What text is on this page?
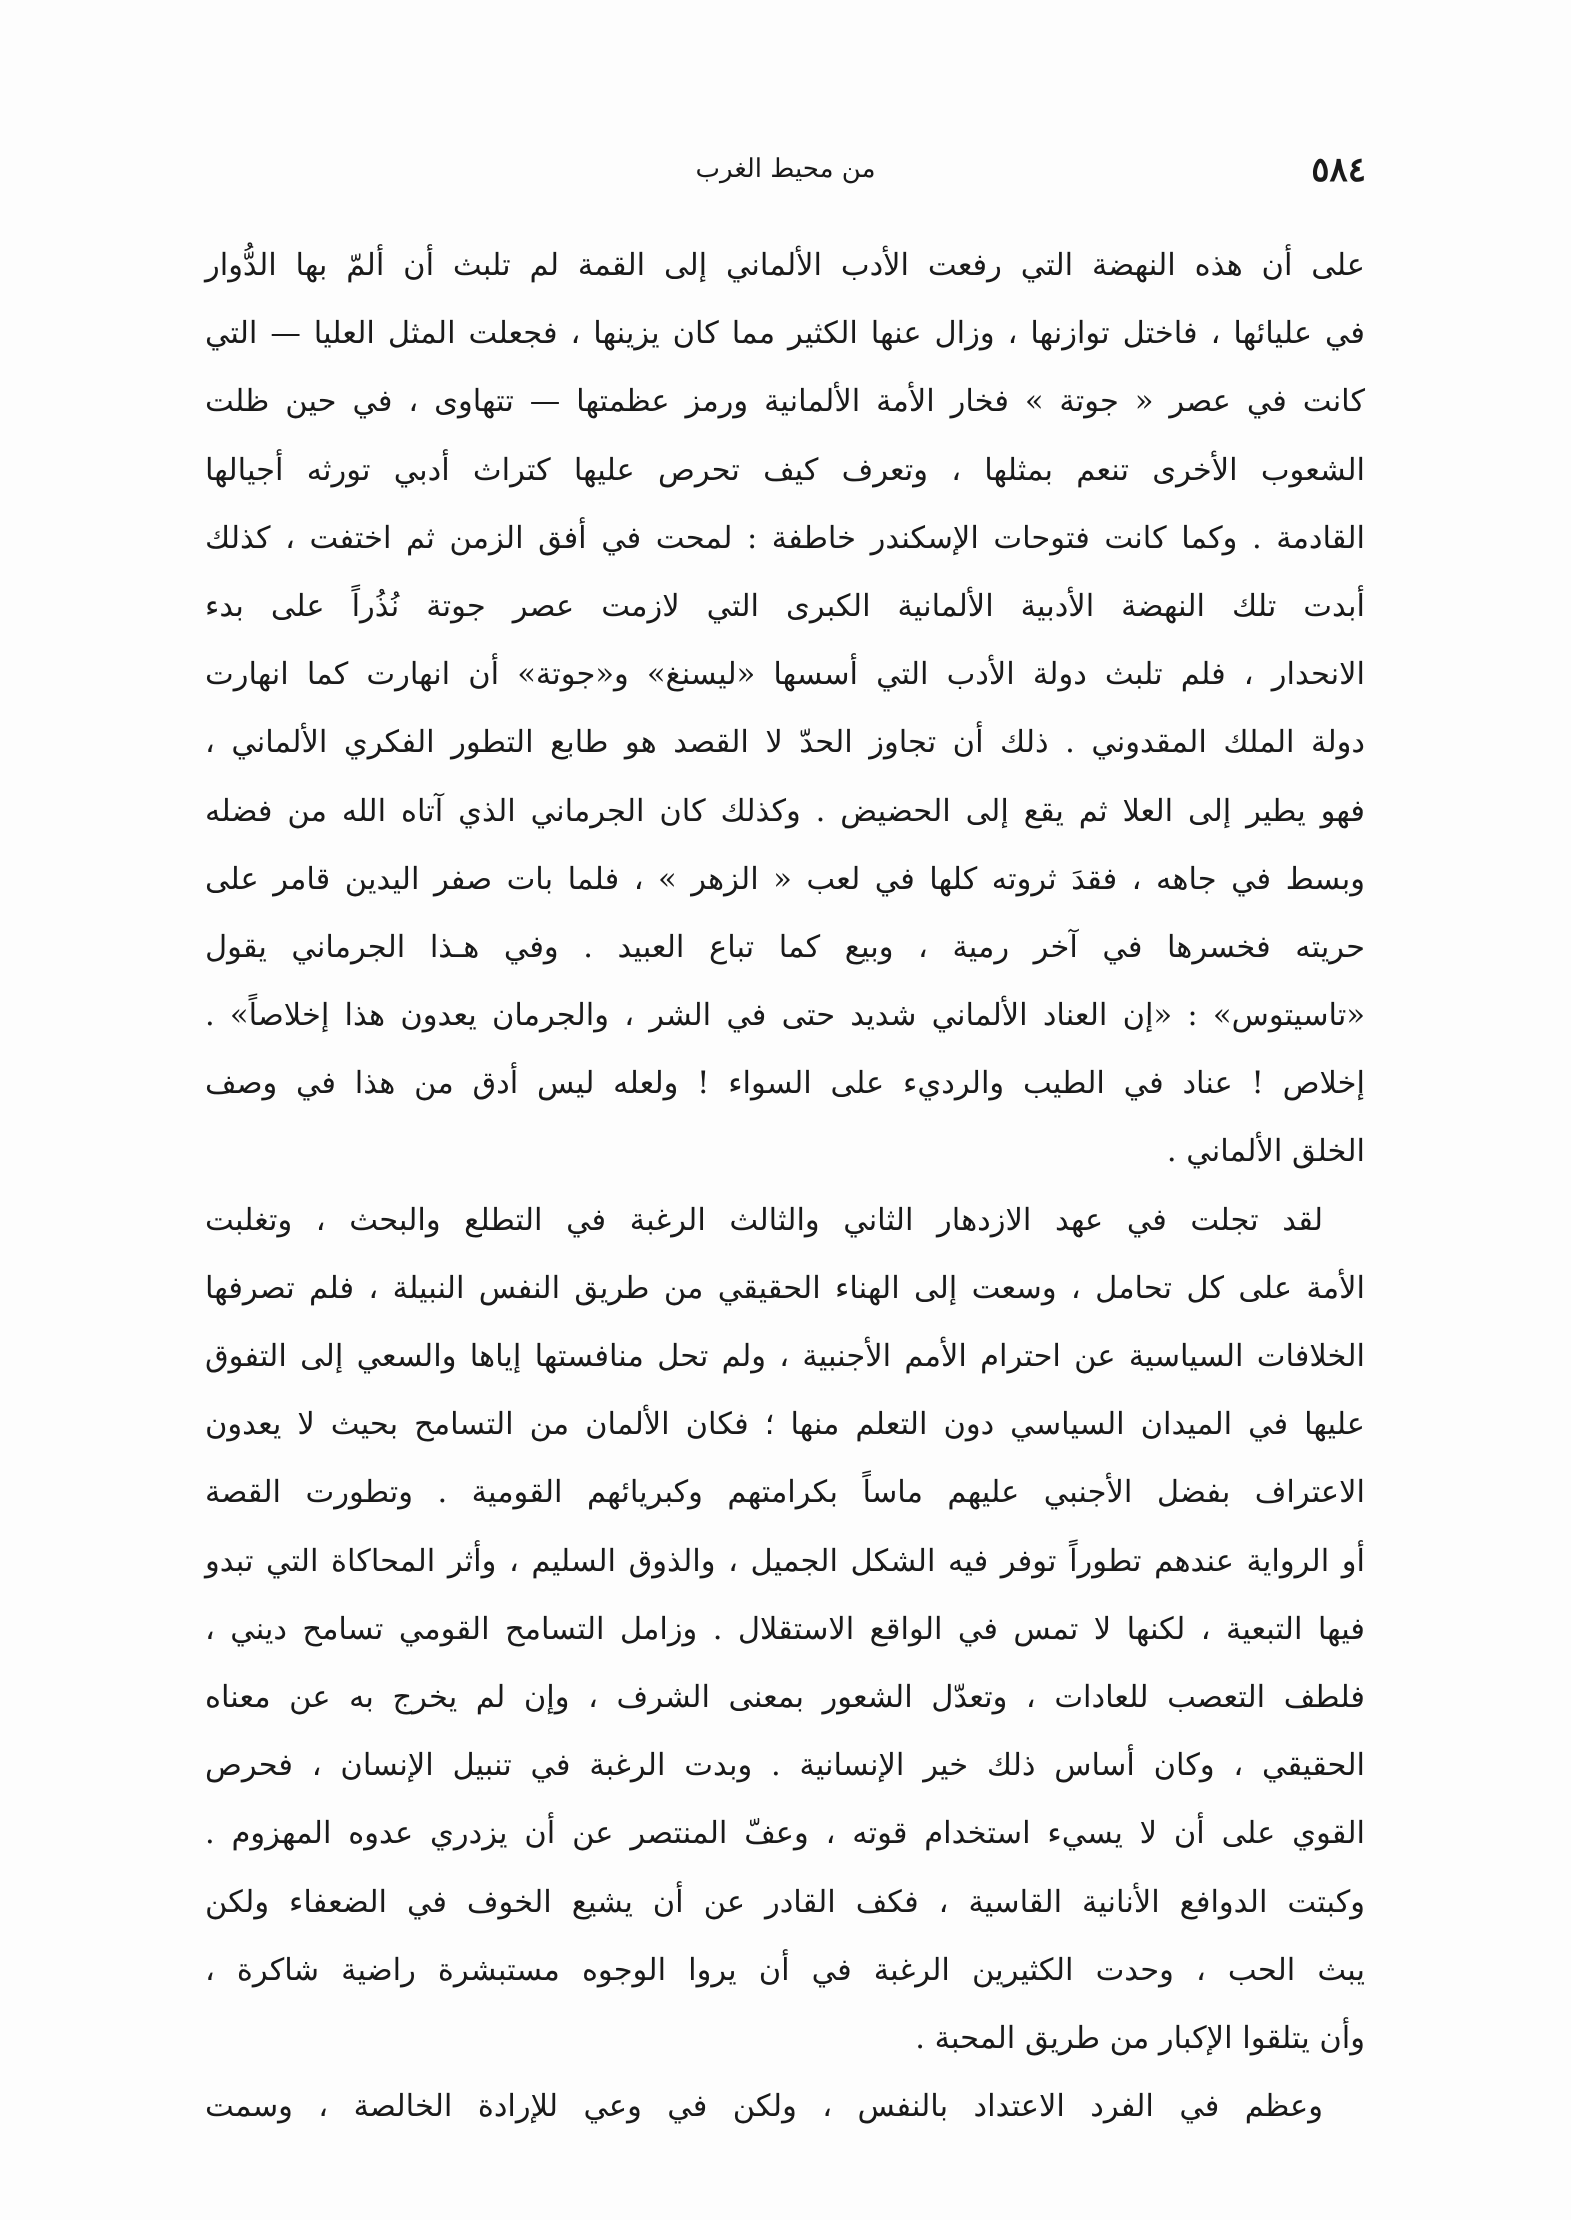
٥٨٤
من محيط الغرب
على أن هذه النهضة التي رفعت الأدب الألماني إلى القمة لم تلبث أن ألمّ بها الدُّوار
في عليائها ، فاختل توازنها ، وزال عنها الكثير مما كان يزينها ، فجعلت المثل العليا — التي
كانت في عصر « جوتة » فخار الأمة الألمانية ورمز عظمتها — تتهاوى ، في حين ظلت
الشعوب الأخرى تنعم بمثلها ، وتعرف كيف تحرص عليها كتراث أدبي تورثه أجيالها
القادمة . وكما كانت فتوحات الإسكندر خاطفة : لمحت في أفق الزمن ثم اختفت ، كذلك
أبدت تلك النهضة الأدبية الألمانية الكبرى التي لازمت عصر جوتة نُذُراً على بدء
الانحدار ، فلم تلبث دولة الأدب التي أسسها «ليسنغ» و«جوتة» أن انهارت كما انهارت
دولة الملك المقدوني . ذلك أن تجاوز الحدّ لا القصد هو طابع التطور الفكري الألماني ،
فهو يطير إلى العلا ثم يقع إلى الحضيض . وكذلك كان الجرماني الذي آتاه الله من فضله
وبسط في جاهه ، فقدَ ثروته كلها في لعب « الزهر » ، فلما بات صفر اليدين قامر على
حريته فخسرها في آخر رمية ، وبيع كما تباع العبيد . وفي هـذا الجرماني يقول
«تاسيتوس» : «إن العناد الألماني شديد حتى في الشر ، والجرمان يعدون هذا إخلاصاً» .
إخلاص ! عناد في الطيب والرديء على السواء ! ولعله ليس أدق من هذا في وصف
الخلق الألماني .
لقد تجلت في عهد الازدهار الثاني والثالث الرغبة في التطلع والبحث ، وتغلبت
الأمة على كل تحامل ، وسعت إلى الهناء الحقيقي من طريق النفس النبيلة ، فلم تصرفها
الخلافات السياسية عن احترام الأمم الأجنبية ، ولم تحل منافستها إياها والسعي إلى التفوق
عليها في الميدان السياسي دون التعلم منها ؛ فكان الألمان من التسامح بحيث لا يعدون
الاعتراف بفضل الأجنبي عليهم ماساً بكرامتهم وكبريائهم القومية . وتطورت القصة
أو الرواية عندهم تطوراً توفر فيه الشكل الجميل ، والذوق السليم ، وأثر المحاكاة التي تبدو
فيها التبعية ، لكنها لا تمس في الواقع الاستقلال . وزامل التسامح القومي تسامح ديني ،
فلطف التعصب للعادات ، وتعدّل الشعور بمعنى الشرف ، وإن لم يخرج به عن معناه
الحقيقي ، وكان أساس ذلك خير الإنسانية . وبدت الرغبة في تنبيل الإنسان ، فحرص
القوي على أن لا يسيء استخدام قوته ، وعفّ المنتصر عن أن يزدري عدوه المهزوم .
وكبتت الدوافع الأنانية القاسية ، فكف القادر عن أن يشيع الخوف في الضعفاء ولكن
يبث الحب ، وحدت الكثيرين الرغبة في أن يروا الوجوه مستبشرة راضية شاكرة ،
وأن يتلقوا الإكبار من طريق المحبة .
وعظم في الفرد الاعتداد بالنفس ، ولكن في وعي للإرادة الخالصة ، وسمت
